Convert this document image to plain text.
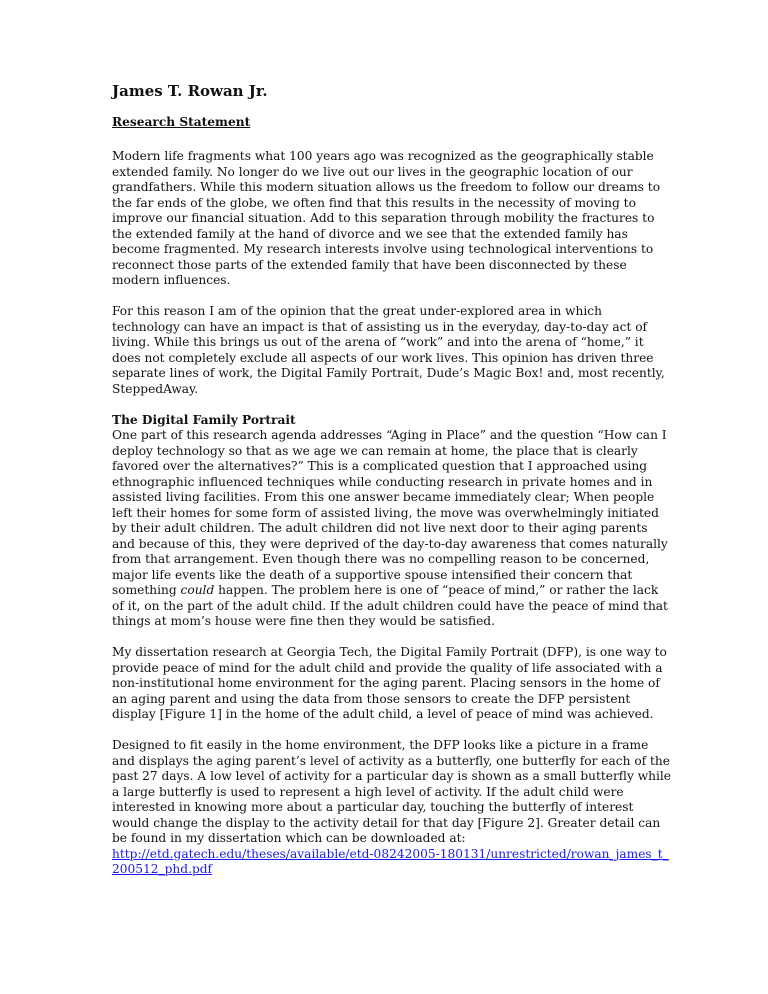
James T. Rowan Jr.
Research Statement

Modern life fragments what 100 years ago was recognized as the geographically stable extended family. No longer do we live out our lives in the geographic location of our grandfathers. While this modern situation allows us the freedom to follow our dreams to the far ends of the globe, we often find that this results in the necessity of moving to improve our financial situation. Add to this separation through mobility the fractures to the extended family at the hand of divorce and we see that the extended family has become fragmented. My research interests involve using technological interventions to reconnect those parts of the extended family that have been disconnected by these modern influences.

For this reason I am of the opinion that the great under-explored area in which technology can have an impact is that of assisting us in the everyday, day-to-day act of living. While this brings us out of the arena of “work” and into the arena of “home,” it does not completely exclude all aspects of our work lives. This opinion has driven three separate lines of work, the Digital Family Portrait, Dude’s Magic Box! and, most recently, SteppedAway.

The Digital Family Portrait

One part of this research agenda addresses “Aging in Place” and the question “How can I deploy technology so that as we age we can remain at home, the place that is clearly favored over the alternatives?” This is a complicated question that I approached using ethnographic influenced techniques while conducting research in private homes and in assisted living facilities. From this one answer became immediately clear; When people left their homes for some form of assisted living, the move was overwhelmingly initiated by their adult children. The adult children did not live next door to their aging parents and because of this, they were deprived of the day-to-day awareness that comes naturally from that arrangement. Even though there was no compelling reason to be concerned, major life events like the death of a supportive spouse intensified their concern that something could happen. The problem here is one of “peace of mind,” or rather the lack of it, on the part of the adult child. If the adult children could have the peace of mind that things at mom’s house were fine then they would be satisfied.

My dissertation research at Georgia Tech, the Digital Family Portrait (DFP), is one way to provide peace of mind for the adult child and provide the quality of life associated with a non-institutional home environment for the aging parent. Placing sensors in the home of an aging parent and using the data from those sensors to create the DFP persistent display [Figure 1] in the home of the adult child, a level of peace of mind was achieved.

Designed to fit easily in the home environment, the DFP looks like a picture in a frame and displays the aging parent’s level of activity as a butterfly, one butterfly for each of the past 27 days. A low level of activity for a particular day is shown as a small butterfly while a large butterfly is used to represent a high level of activity. If the adult child were interested in knowing more about a particular day, touching the butterfly of interest would change the display to the activity detail for that day [Figure 2]. Greater detail can be found in my dissertation which can be downloaded at:
http://etd.gatech.edu/theses/available/etd-08242005-180131/unrestricted/rowan_james_t_200512_phd.pdf
